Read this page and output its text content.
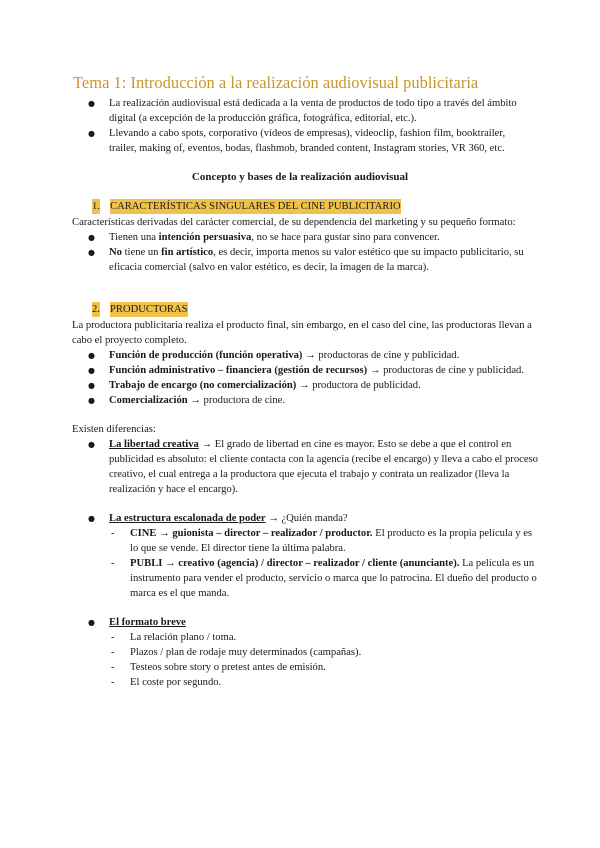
Tema 1: Introducción a la realización audiovisual publicitaria
● La realización audiovisual está dedicada a la venta de productos de todo tipo a través del ámbito digital (a excepción de la producción gráfica, fotográfica, editorial, etc.).
● Llevando a cabo spots, corporativo (vídeos de empresas), videoclip, fashion film, booktrailer, trailer, making of, eventos, bodas, flashmob, branded content, Instagram stories, VR 360, etc.
Concepto y bases de la realización audiovisual
1. CARACTERÍSTICAS SINGULARES DEL CINE PUBLICITARIO

Características derivadas del carácter comercial, de su dependencia del marketing y su pequeño formato:

● Tienen una intención persuasiva, no se hace para gustar sino para convencer.
● No tiene un fin artístico, es decir, importa menos su valor estético que su impacto publicitario, su eficacia comercial (salvo en valor estético, es decir, la imagen de la marca).
2. PRODUCTORAS

La productora publicitaria realiza el producto final, sin embargo, en el caso del cine, las productoras llevan a cabo el proyecto completo.

● Función de producción (función operativa) → productoras de cine y publicidad.
● Función administrativo – financiera (gestión de recursos) → productoras de cine y publicidad.
● Trabajo de encargo (no comercialización) → productora de publicidad.
● Comercialización → productora de cine.

Existen diferencias:

● La libertad creativa → El grado de libertad en cine es mayor. Esto se debe a que el control en publicidad es absoluto: el cliente contacta con la agencia (recibe el encargo) y lleva a cabo el proceso creativo, el cual entrega a la productora que ejecuta el trabajo y contrata un realizador (lleva la realización y hace el encargo).
● La estructura escalonada de poder → ¿Quién manda?
- CINE → guionista – director – realizador / productor. El producto es la propia película y es lo que se vende. El director tiene la última palabra.
- PUBLI → creativo (agencia) / director – realizador / cliente (anunciante). La película es un instrumento para vender el producto, servicio o marca que lo patrocina. El dueño del producto o marca es el que manda.
● El formato breve
- La relación plano / toma.
- Plazos / plan de rodaje muy determinados (campañas).
- Testeos sobre story o pretest antes de emisión.
- El coste por segundo.
